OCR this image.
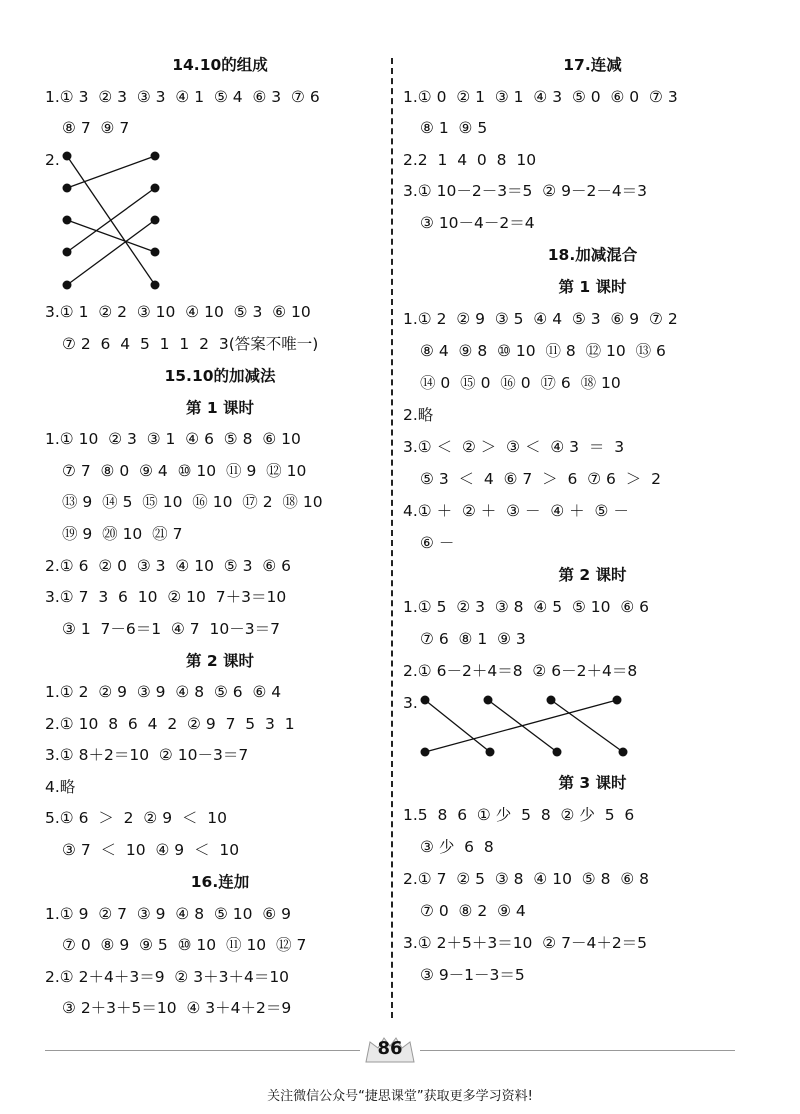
14.10的组成
1.① 3  ② 3  ③ 3  ④ 1  ⑤ 4  ⑥ 3  ⑦ 6
⑧ 7  ⑨ 7
2.
3.① 1  ② 2  ③ 10  ④ 10  ⑤ 3  ⑥ 10
⑦ 2  6  4  5  1  1  2  3(答案不唯一)
15.10的加减法
第 1 课时
1.① 10  ② 3  ③ 1  ④ 6  ⑤ 8  ⑥ 10
⑦ 7  ⑧ 0  ⑨ 4  ⑩ 10  ⑪ 9  ⑫ 10
⑬ 9  ⑭ 5  ⑮ 10  ⑯ 10  ⑰ 2  ⑱ 10
⑲ 9  ⑳ 10  ㉑ 7
2.① 6  ② 0  ③ 3  ④ 10  ⑤ 3  ⑥ 6
3.① 7  3  6  10  ② 10  7＋3＝10
③ 1  7－6＝1  ④ 7  10－3＝7
第 2 课时
1.① 2  ② 9  ③ 9  ④ 8  ⑤ 6  ⑥ 4
2.① 10  8  6  4  2  ② 9  7  5  3  1
3.① 8＋2＝10  ② 10－3＝7
4.略
5.① 6  ＞  2  ② 9  ＜  10
③ 7  ＜  10  ④ 9  ＜  10
16.连加
1.① 9  ② 7  ③ 9  ④ 8  ⑤ 10  ⑥ 9
⑦ 0  ⑧ 9  ⑨ 5  ⑩ 10  ⑪ 10  ⑫ 7
2.① 2＋4＋3＝9  ② 3＋3＋4＝10
③ 2＋3＋5＝10  ④ 3＋4＋2＝9
17.连减
1.① 0  ② 1  ③ 1  ④ 3  ⑤ 0  ⑥ 0  ⑦ 3
⑧ 1  ⑨ 5
2.2  1  4  0  8  10
3.① 10－2－3＝5  ② 9－2－4＝3
③ 10－4－2＝4
18.加减混合
第 1 课时
1.① 2  ② 9  ③ 5  ④ 4  ⑤ 3  ⑥ 9  ⑦ 2
⑧ 4  ⑨ 8  ⑩ 10  ⑪ 8  ⑫ 10  ⑬ 6
⑭ 0  ⑮ 0  ⑯ 0  ⑰ 6  ⑱ 10
2.略
3.① ＜  ② ＞  ③ ＜  ④ 3  ＝  3
⑤ 3  ＜  4  ⑥ 7  ＞  6  ⑦ 6  ＞  2
4.① ＋  ② ＋  ③ －  ④ ＋  ⑤ －
⑥ －
第 2 课时
1.① 5  ② 3  ③ 8  ④ 5  ⑤ 10  ⑥ 6
⑦ 6  ⑧ 1  ⑨ 3
2.① 6－2＋4＝8  ② 6－2＋4＝8
3.
第 3 课时
1.5  8  6  ① 少  5  8  ② 少  5  6
③ 少  6  8
2.① 7  ② 5  ③ 8  ④ 10  ⑤ 8  ⑥ 8
⑦ 0  ⑧ 2  ⑨ 4
3.① 2＋5＋3＝10  ② 7－4＋2＝5
③ 9－1－3＝5
86
关注微信公众号“捷思课堂”获取更多学习资料!
